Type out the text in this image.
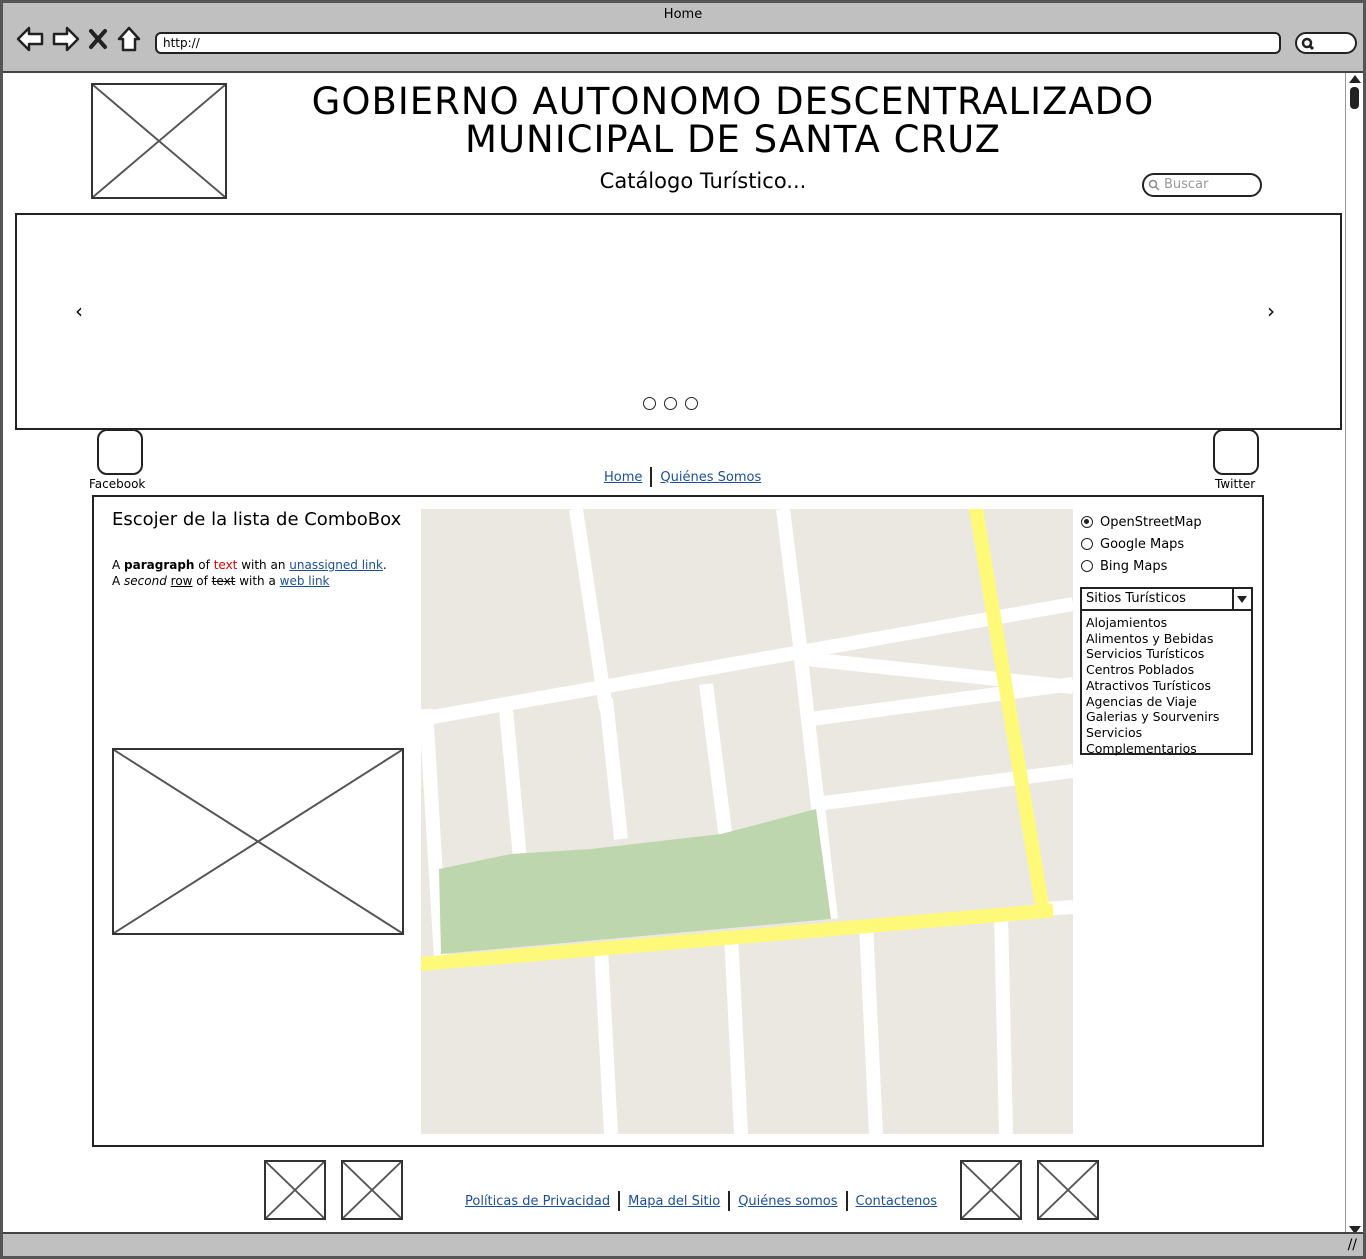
Home
http://
GOBIERNO AUTONOMO DESCENTRALIZADO
MUNICIPAL DE SANTA CRUZ
Catálogo Turístico...	Buscar
‹	›
Facebook	Twitter
Home Quiénes Somos
Escojer de la lista de ComboBox
A paragraph of text with an unassigned link.
A second row of text with a web link
OpenStreetMap
Google Maps
Bing Maps
Sitios Turísticos
Alojamientos
Alimentos y Bebidas
Servicios Turísticos
Centros Poblados
Atractivos Turísticos
Agencias de Viaje
Galerias y Sourvenirs
Servicios Complementarios
Políticas de Privacidad Mapa del Sitio Quiénes somos Contactenos
//
